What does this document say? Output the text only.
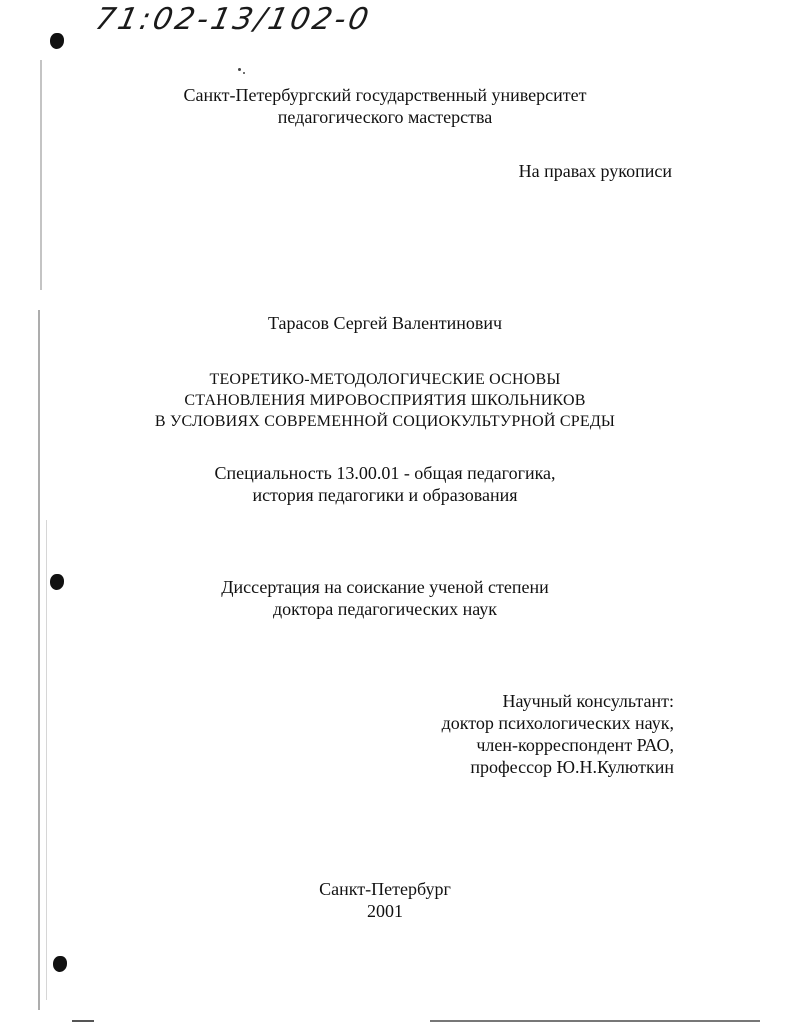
71:02-13/102-0
Санкт-Петербургский государственный университет
педагогического мастерства
На правах рукописи
Тарасов Сергей Валентинович
ТЕОРЕТИКО-МЕТОДОЛОГИЧЕСКИЕ ОСНОВЫ
СТАНОВЛЕНИЯ МИРОВОСПРИЯТИЯ ШКОЛЬНИКОВ
В УСЛОВИЯХ СОВРЕМЕННОЙ СОЦИОКУЛЬТУРНОЙ СРЕДЫ
Специальность 13.00.01 - общая педагогика,
история педагогики и образования
Диссертация на соискание ученой степени
доктора педагогических наук
Научный консультант:
доктор психологических наук,
член-корреспондент РАО,
профессор Ю.Н.Кулюткин
Санкт-Петербург
2001
